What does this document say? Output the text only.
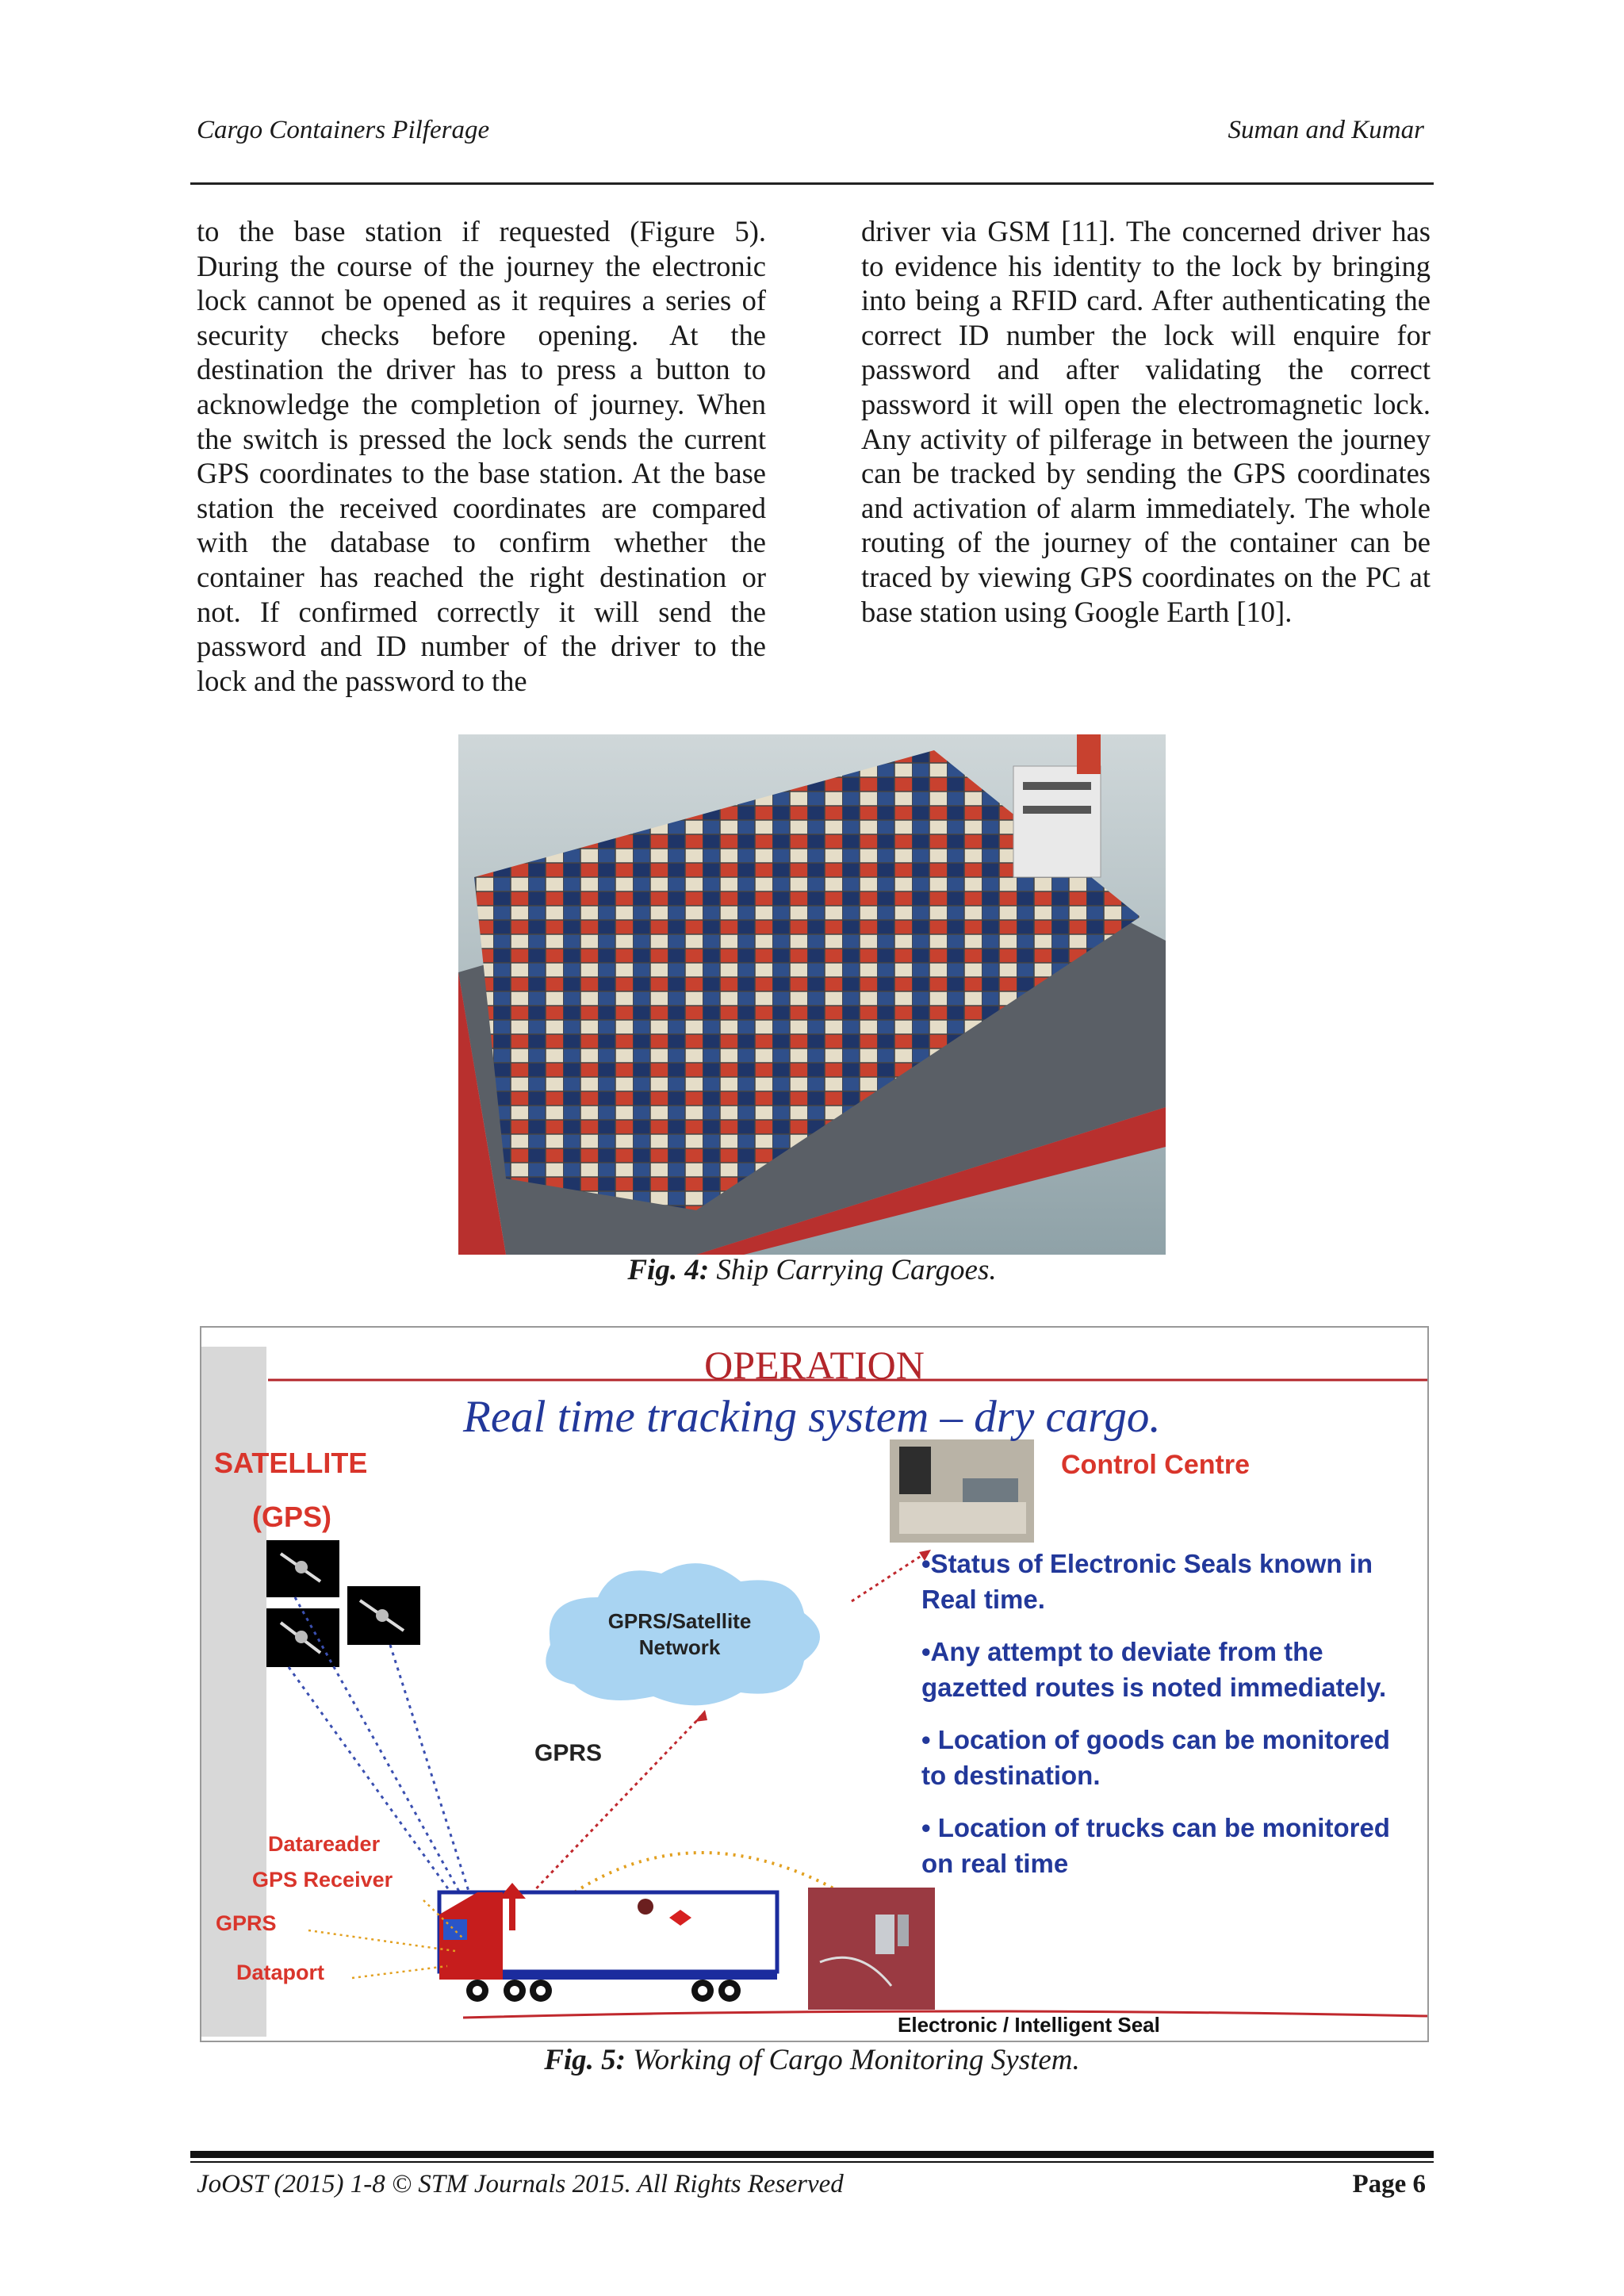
Cargo Containers Pilferage	Suman and Kumar
to the base station if requested (Figure 5). During the course of the journey the electronic lock cannot be opened as it requires a series of security checks before opening. At the destination the driver has to press a button to acknowledge the completion of journey. When the switch is pressed the lock sends the current GPS coordinates to the base station. At the base station the received coordinates are compared with the database to confirm whether the container has reached the right destination or not. If confirmed correctly it will send the password and ID number of the driver to the lock and the password to the
driver via GSM [11]. The concerned driver has to evidence his identity to the lock by bringing into being a RFID card. After authenticating the correct ID number the lock will enquire for password and after validating the correct password it will open the electromagnetic lock. Any activity of pilferage in between the journey can be tracked by sending the GPS coordinates and activation of alarm immediately. The whole routing of the journey of the container can be traced by viewing GPS coordinates on the PC at base station using Google Earth [10].
Fig. 4: Ship Carrying Cargoes.
OPERATION
Real time tracking system – dry cargo.
SATELLITE
(GPS)
GPRS/Satellite
Network
GPRS
Control Centre
•Status of Electronic Seals known in
Real time.
•Any attempt to deviate from the
gazetted routes is noted immediately.
• Location of goods can be monitored
to destination.
• Location of trucks can be monitored
on real time
Datareader
GPS Receiver
GPRS
Dataport
Electronic / Intelligent Seal
Fig. 5: Working of Cargo Monitoring System.
JoOST (2015) 1-8 © STM Journals 2015. All Rights Reserved	Page 6
